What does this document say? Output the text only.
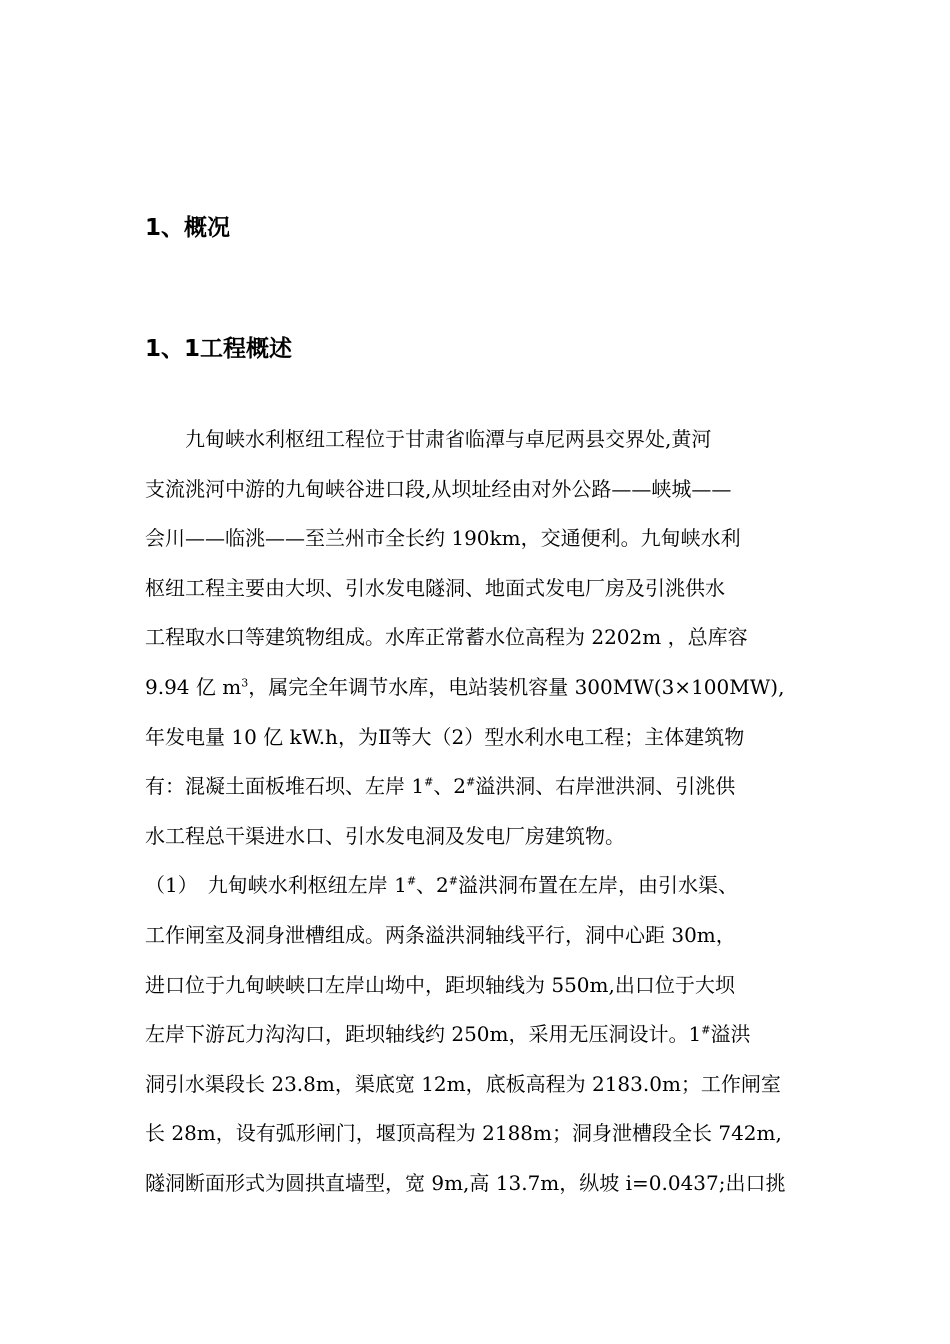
1、概况
1、1工程概述
　　九甸峡水利枢纽工程位于甘肃省临潭与卓尼两县交界处,黄河
支流洮河中游的九甸峡谷进口段,从坝址经由对外公路——峡城——
会川——临洮——至兰州市全长约 190km，交通便利。九甸峡水利
枢纽工程主要由大坝、引水发电隧洞、地面式发电厂房及引洮供水
工程取水口等建筑物组成。水库正常蓄水位高程为 2202m ，总库容
9.94 亿 $m^3$，属完全年调节水库，电站装机容量 300MW(3×100MW),
年发电量 10 亿 kW.h，为Ⅱ等大（2）型水利水电工程；主体建筑物
有：混凝土面板堆石坝、左岸 1#、2#溢洪洞、右岸泄洪洞、引洮供
水工程总干渠进水口、引水发电洞及发电厂房建筑物。
（1）　九甸峡水利枢纽左岸 1#、2#溢洪洞布置在左岸，由引水渠、
工作闸室及洞身泄槽组成。两条溢洪洞轴线平行，洞中心距 30m，
进口位于九甸峡峡口左岸山坳中，距坝轴线为 550m,出口位于大坝
左岸下游瓦力沟沟口，距坝轴线约 250m，采用无压洞设计。1#溢洪
洞引水渠段长 23.8m，渠底宽 12m，底板高程为 2183.0m；工作闸室
长 28m，设有弧形闸门，堰顶高程为 2188m；洞身泄槽段全长 742m,
隧洞断面形式为圆拱直墙型，宽 9m,高 13.7m，纵坡 i=0.0437;出口挑
